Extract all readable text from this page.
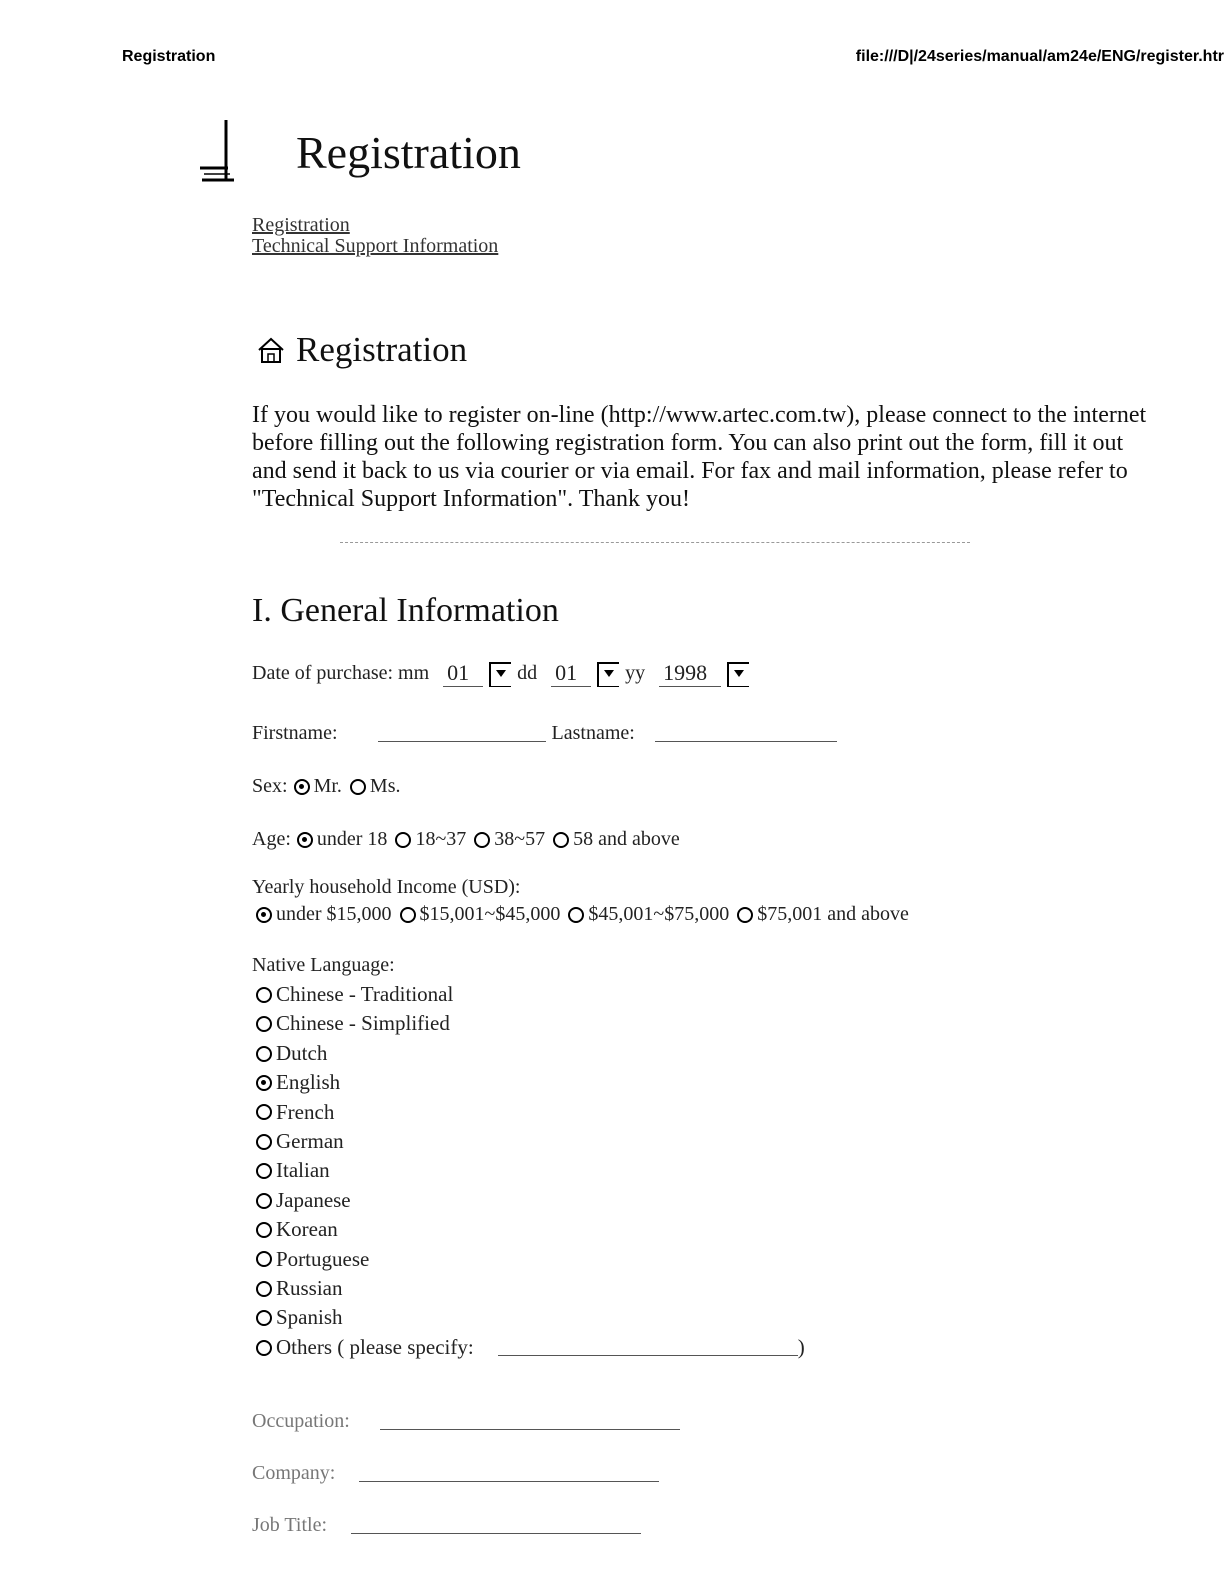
Registration	file:///D|/24series/manual/am24e/ENG/register.htr
Registration
Registration
Technical Support Information
Registration

If you would like to register on-line (http://www.artec.com.tw), please connect to the internet before filling out the following registration form. You can also print out the form, fill it out and send it back to us via courier or via email. For fax and mail information, please refer to "Technical Support Information". Thank you!

I. General Information
Date of purchase: mm 01	dd 01	yy 1998
Firstname:	Lastname:
Sex: Mr. Ms.
Age: under 18 18~37 38~57 58 and above
Yearly household Income (USD):
under $15,000 $15,001~$45,000 $45,001~$75,000 $75,001 and above
Native Language:
Chinese - Traditional
Chinese - Simplified
Dutch
English
French
German
Italian
Japanese
Korean
Portuguese
Russian
Spanish
Others ( please specify:	)
Occupation:
Company:
Job Title:
